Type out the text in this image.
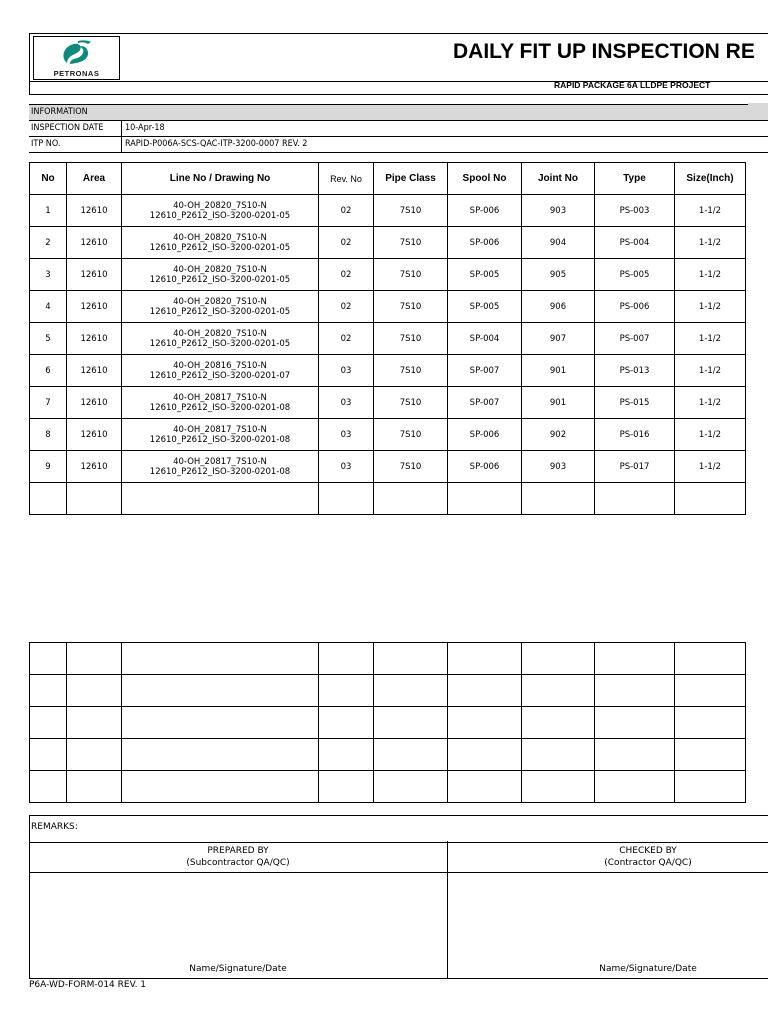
PETRONAS
DAILY FIT UP INSPECTION RE
RAPID PACKAGE 6A LLDPE PROJECT
INFORMATION
INSPECTION DATE	10-Apr-18
ITP NO.	RAPID-P006A-SCS-QAC-ITP-3200-0007 REV. 2
No	Area	Line No / Drawing No	Rev. No	Pipe Class	Spool No	Joint No	Type	Size(Inch)
1	12610	40-OH_20820_7S10-N
12610_P2612_ISO-3200-0201-05	02	7S10	SP-006	903	PS-003	1-1/2
2	12610	40-OH_20820_7S10-N
12610_P2612_ISO-3200-0201-05	02	7S10	SP-006	904	PS-004	1-1/2
3	12610	40-OH_20820_7S10-N
12610_P2612_ISO-3200-0201-05	02	7S10	SP-005	905	PS-005	1-1/2
4	12610	40-OH_20820_7S10-N
12610_P2612_ISO-3200-0201-05	02	7S10	SP-005	906	PS-006	1-1/2
5	12610	40-OH_20820_7S10-N
12610_P2612_ISO-3200-0201-05	02	7S10	SP-004	907	PS-007	1-1/2
6	12610	40-OH_20816_7S10-N
12610_P2612_ISO-3200-0201-07	03	7S10	SP-007	901	PS-013	1-1/2
7	12610	40-OH_20817_7S10-N
12610_P2612_ISO-3200-0201-08	03	7S10	SP-007	901	PS-015	1-1/2
8	12610	40-OH_20817_7S10-N
12610_P2612_ISO-3200-0201-08	03	7S10	SP-006	902	PS-016	1-1/2
9	12610	40-OH_20817_7S10-N
12610_P2612_ISO-3200-0201-08	03	7S10	SP-006	903	PS-017	1-1/2

REMARKS:
PREPARED BY
(Subcontractor QA/QC)
CHECKED BY
(Contractor QA/QC)
Name/Signature/Date	Name/Signature/Date
P6A-WD-FORM-014 REV. 1
